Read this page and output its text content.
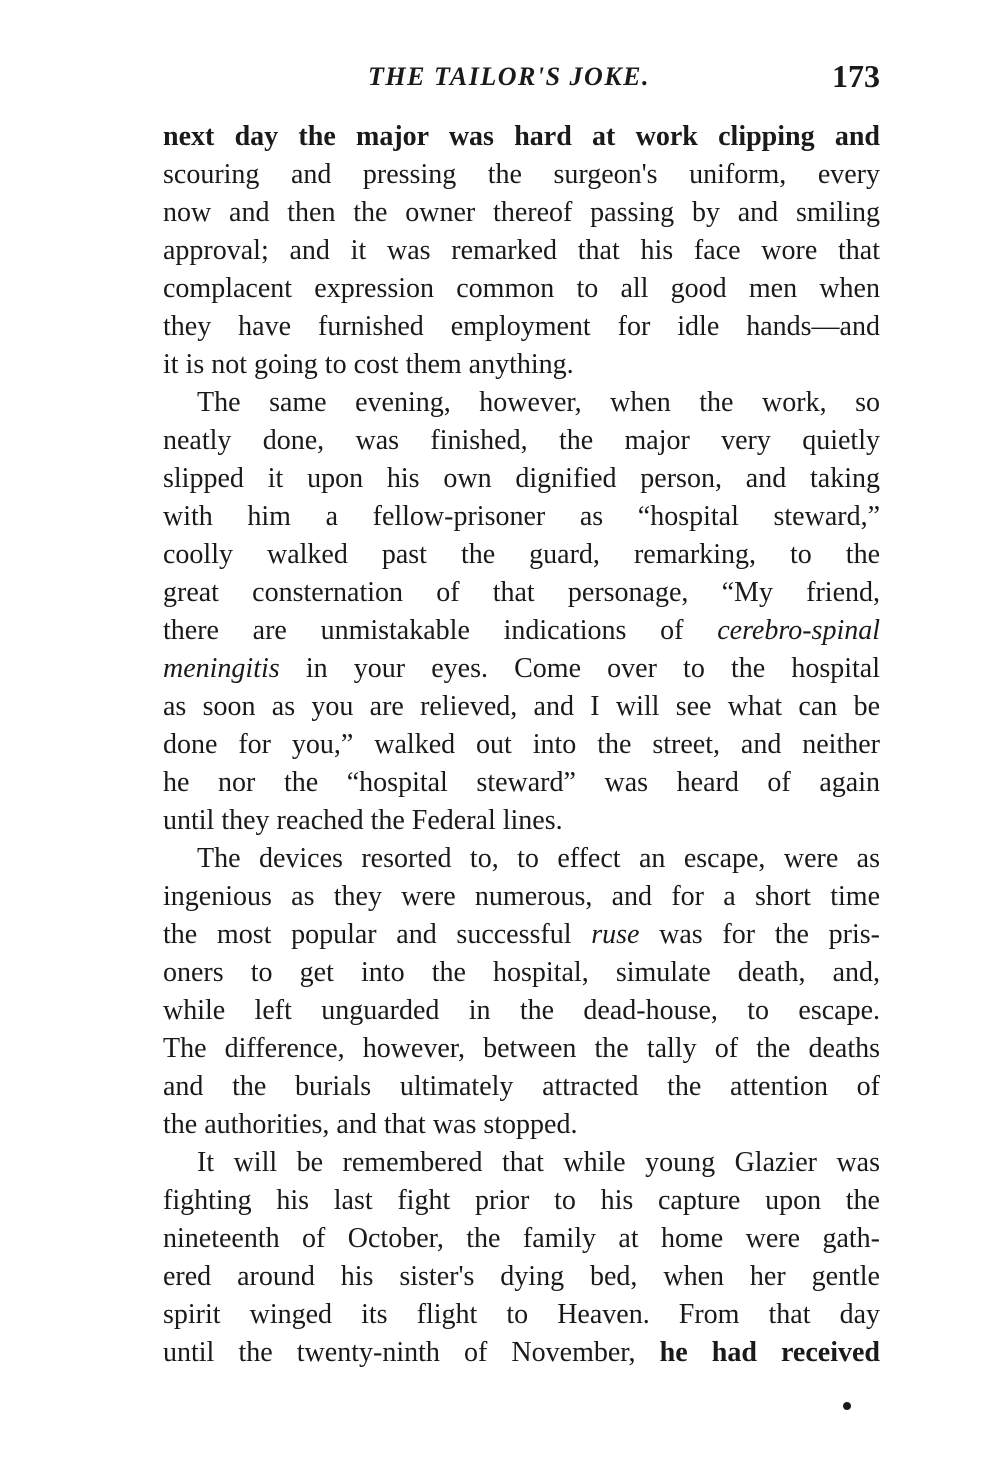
THE TAILOR'S JOKE.	173
next day the major was hard at work clipping and
scouring and pressing the surgeon's uniform, every
now and then the owner thereof passing by and smiling
approval; and it was remarked that his face wore that
complacent expression common to all good men when
they have furnished employment for idle hands—and
it is not going to cost them anything.
The same evening, however, when the work, so
neatly done, was finished, the major very quietly
slipped it upon his own dignified person, and taking
with him a fellow-prisoner as “hospital steward,”
coolly walked past the guard, remarking, to the
great consternation of that personage, “My friend,
there are unmistakable indications of cerebro-spinal
meningitis in your eyes. Come over to the hospital
as soon as you are relieved, and I will see what can be
done for you,” walked out into the street, and neither
he nor the “hospital steward” was heard of again
until they reached the Federal lines.
The devices resorted to, to effect an escape, were as
ingenious as they were numerous, and for a short time
the most popular and successful ruse was for the pris-
oners to get into the hospital, simulate death, and,
while left unguarded in the dead-house, to escape.
The difference, however, between the tally of the deaths
and the burials ultimately attracted the attention of
the authorities, and that was stopped.
It will be remembered that while young Glazier was
fighting his last fight prior to his capture upon the
nineteenth of October, the family at home were gath-
ered around his sister's dying bed, when her gentle
spirit winged its flight to Heaven. From that day
until the twenty-ninth of November, he had received
